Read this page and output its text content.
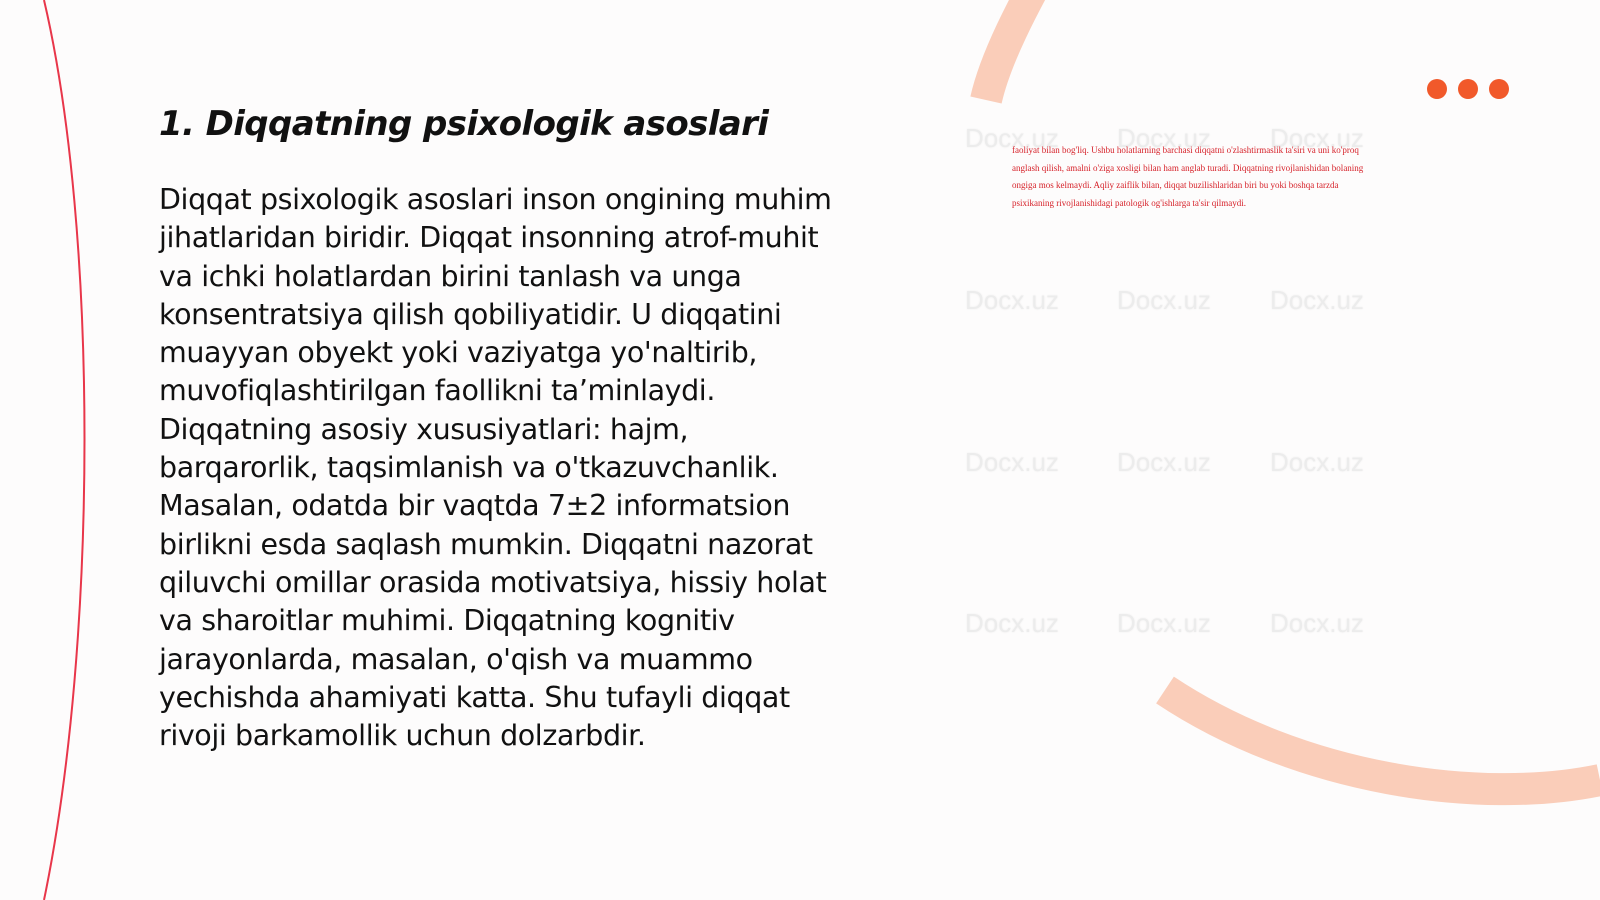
1. Diqqatning psixologik asoslari

Diqqat psixologik asoslari inson ongining muhim jihatlaridan biridir. Diqqat insonning atrof-muhit va ichki holatlardan birini tanlash va unga konsentratsiya qilish qobiliyatidir. U diqqatini muayyan obyekt yoki vaziyatga yo'naltirib, muvofiqlashtirilgan faollikni ta’minlaydi. Diqqatning asosiy xususiyatlari: hajm, barqarorlik, taqsimlanish va o'tkazuvchanlik. Masalan, odatda bir vaqtda 7±2 informatsion birlikni esda saqlash mumkin. Diqqatni nazorat qiluvchi omillar orasida motivatsiya, hissiy holat va sharoitlar muhimi. Diqqatning kognitiv jarayonlarda, masalan, o'qish va muammo yechishda ahamiyati katta. Shu tufayli diqqat rivoji barkamollik uchun dolzarbdir.

Docx.uz Docx.uz Docx.uz
Docx.uz Docx.uz Docx.uz
Docx.uz Docx.uz Docx.uz
Docx.uz Docx.uz Docx.uz

faoliyat bilan bog'liq. Ushbu holatlarning barchasi diqqatni o'zlashtirmaslik ta'siri va uni ko'proq anglash qilish, amalni o'ziga xosligi bilan ham anglab turadi. Diqqatning rivojlanishidan bolaning ongiga mos kelmaydi. Aqliy zaiflik bilan, diqqat buzilishlaridan biri bu yoki boshqa tarzda psixikaning rivojlanishidagi patologik og'ishlarga ta'sir qilmaydi.
